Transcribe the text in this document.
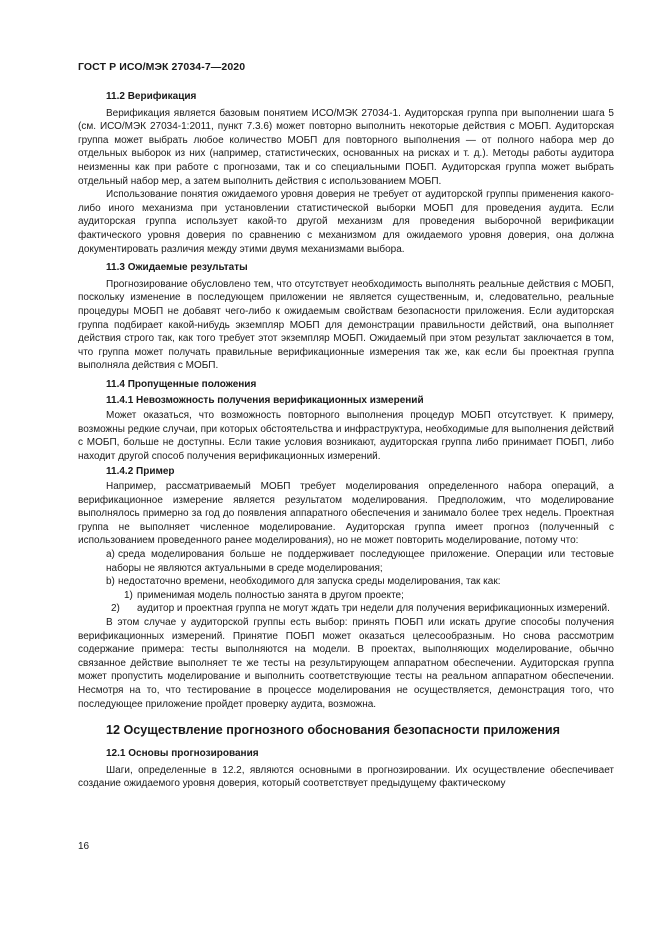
ГОСТ Р ИСО/МЭК 27034-7—2020
11.2 Верификация

Верификация является базовым понятием ИСО/МЭК 27034-1. Аудиторская группа при выполнении шага 5 (см. ИСО/МЭК 27034-1:2011, пункт 7.3.6) может повторно выполнить некоторые действия с МОБП. Аудиторская группа может выбрать любое количество МОБП для повторного выполнения — от полного набора мер до отдельных выборок из них (например, статистических, основанных на рисках и т. д.). Методы работы аудитора неизменны как при работе с прогнозами, так и со специальными ПОБП. Аудиторская группа может выбрать отдельный набор мер, а затем выполнить действия с использованием МОБП.

Использование понятия ожидаемого уровня доверия не требует от аудиторской группы применения какого-либо иного механизма при установлении статистической выборки МОБП для проведения аудита. Если аудиторская группа использует какой-то другой механизм для проведения выборочной верификации фактического уровня доверия по сравнению с механизмом для ожидаемого уровня доверия, она должна документировать различия между этими двумя механизмами выбора.

11.3 Ожидаемые результаты

Прогнозирование обусловлено тем, что отсутствует необходимость выполнять реальные действия с МОБП, поскольку изменение в последующем приложении не является существенным, и, следовательно, реальные процедуры МОБП не добавят чего-либо к ожидаемым свойствам безопасности приложения. Если аудиторская группа подбирает какой-нибудь экземпляр МОБП для демонстрации правильности действий, она выполняет действия строго так, как того требует этот экземпляр МОБП. Ожидаемый при этом результат заключается в том, что группа может получать правильные верификационные измерения так же, как если бы проектная группа выполняла действия с МОБП.

11.4 Пропущенные положения
11.4.1 Невозможность получения верификационных измерений

Может оказаться, что возможность повторного выполнения процедур МОБП отсутствует. К примеру, возможны редкие случаи, при которых обстоятельства и инфраструктура, необходимые для выполнения действий с МОБП, больше не доступны. Если такие условия возникают, аудиторская группа либо принимает ПОБП, либо находит другой способ получения верификационных измерений.

11.4.2 Пример

Например, рассматриваемый МОБП требует моделирования определенного набора операций, а верификационное измерение является результатом моделирования. Предположим, что моделирование выполнялось примерно за год до появления аппаратного обеспечения и занимало более трех недель. Проектная группа не выполняет численное моделирование. Аудиторская группа имеет прогноз (полученный с использованием проведенного ранее моделирования), но не может повторить моделирование, потому что:

a) среда моделирования больше не поддерживает последующее приложение. Операции или тестовые наборы не являются актуальными в среде моделирования;

b) недостаточно времени, необходимого для запуска среды моделирования, так как:

1) применимая модель полностью занята в другом проекте;

2) аудитор и проектная группа не могут ждать три недели для получения верификационных измерений.

В этом случае у аудиторской группы есть выбор: принять ПОБП или искать другие способы получения верификационных измерений. Принятие ПОБП может оказаться целесообразным. Но снова рассмотрим содержание примера: тесты выполняются на модели. В проектах, выполняющих моделирование, обычно связанное действие выполняет те же тесты на результирующем аппаратном обеспечении. Аудиторская группа может пропустить моделирование и выполнить соответствующие тесты на реальном аппаратном обеспечении. Несмотря на то, что тестирование в процессе моделирования не осуществляется, демонстрация того, что последующее приложение пройдет проверку аудита, возможна.

12 Осуществление прогнозного обоснования безопасности приложения
12.1 Основы прогнозирования

Шаги, определенные в 12.2, являются основными в прогнозировании. Их осуществление обеспечивает создание ожидаемого уровня доверия, который соответствует предыдущему фактическому

16
